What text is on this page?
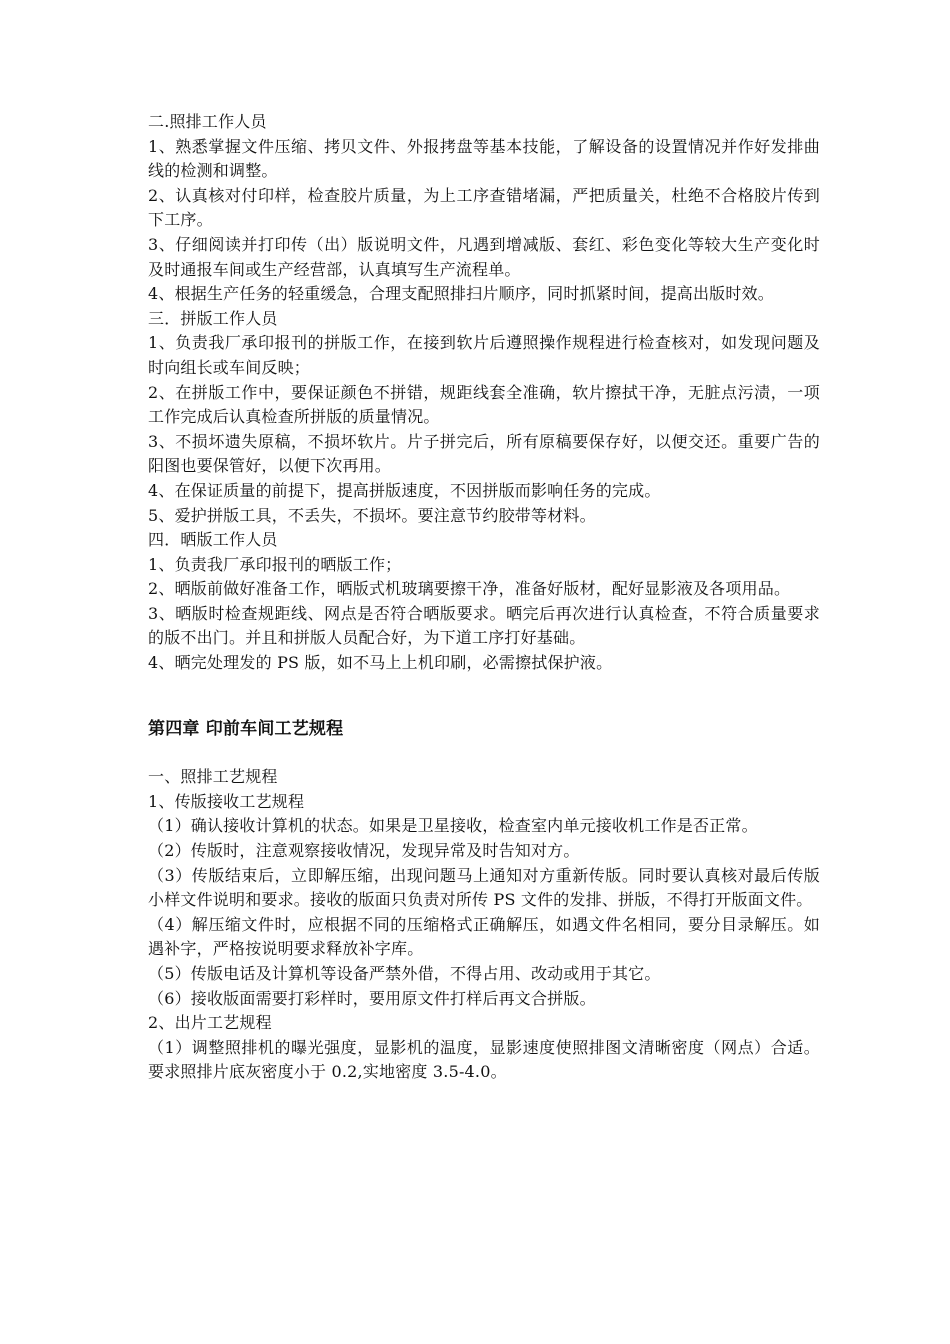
二.照排工作人员

1、熟悉掌握文件压缩、拷贝文件、外报拷盘等基本技能，了解设备的设置情况并作好发排曲线的检测和调整。

2、认真核对付印样，检查胶片质量，为上工序查错堵漏，严把质量关，杜绝不合格胶片传到下工序。

3、仔细阅读并打印传（出）版说明文件，凡遇到增减版、套红、彩色变化等较大生产变化时及时通报车间或生产经营部，认真填写生产流程单。

4、根据生产任务的轻重缓急，合理支配照排扫片顺序，同时抓紧时间，提高出版时效。

三．拼版工作人员

1、负责我厂承印报刊的拼版工作，在接到软片后遵照操作规程进行检查核对，如发现问题及时向组长或车间反映；

2、在拼版工作中，要保证颜色不拼错，规距线套全准确，软片擦拭干净，无脏点污渍，一项工作完成后认真检查所拼版的质量情况。

3、不损坏遗失原稿，不损坏软片。片子拼完后，所有原稿要保存好，以便交还。重要广告的阳图也要保管好，以便下次再用。

4、在保证质量的前提下，提高拼版速度，不因拼版而影响任务的完成。

5、爱护拼版工具，不丢失，不损坏。要注意节约胶带等材料。

四．晒版工作人员

1、负责我厂承印报刊的晒版工作；

2、晒版前做好准备工作，晒版式机玻璃要擦干净，准备好版材，配好显影液及各项用品。

3、晒版时检查规距线、网点是否符合晒版要求。晒完后再次进行认真检查，不符合质量要求的版不出门。并且和拼版人员配合好，为下道工序打好基础。

4、晒完处理发的 PS 版，如不马上上机印刷，必需擦拭保护液。

第四章 印前车间工艺规程

一、照排工艺规程

1、传版接收工艺规程

（1）确认接收计算机的状态。如果是卫星接收，检查室内单元接收机工作是否正常。

（2）传版时，注意观察接收情况，发现异常及时告知对方。

（3）传版结束后，立即解压缩，出现问题马上通知对方重新传版。同时要认真核对最后传版小样文件说明和要求。接收的版面只负责对所传 PS 文件的发排、拼版，不得打开版面文件。

（4）解压缩文件时，应根据不同的压缩格式正确解压，如遇文件名相同，要分目录解压。如遇补字，严格按说明要求释放补字库。

（5）传版电话及计算机等设备严禁外借，不得占用、改动或用于其它。

（6）接收版面需要打彩样时，要用原文件打样后再文合拼版。

2、出片工艺规程

（1）调整照排机的曝光强度，显影机的温度，显影速度使照排图文清晰密度（网点）合适。要求照排片底灰密度小于 0.2,实地密度 3.5-4.0。
